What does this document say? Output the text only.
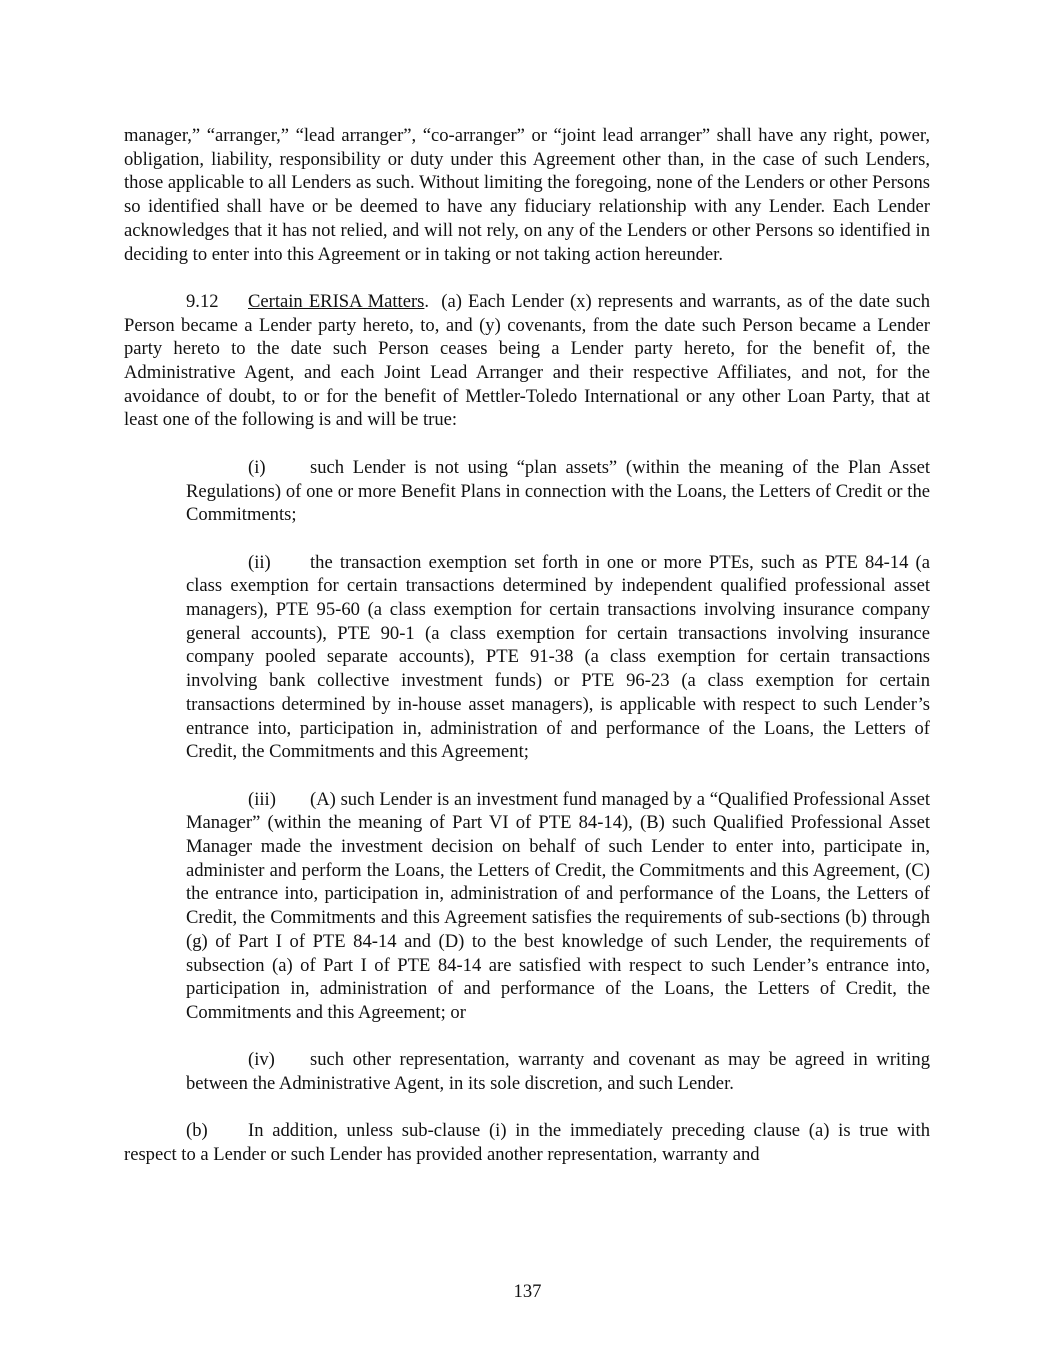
manager,” “arranger,” “lead arranger”, “co-arranger” or “joint lead arranger” shall have any right, power, obligation, liability, responsibility or duty under this Agreement other than, in the case of such Lenders, those applicable to all Lenders as such. Without limiting the foregoing, none of the Lenders or other Persons so identified shall have or be deemed to have any fiduciary relationship with any Lender. Each Lender acknowledges that it has not relied, and will not rely, on any of the Lenders or other Persons so identified in deciding to enter into this Agreement or in taking or not taking action hereunder.

9.12 Certain ERISA Matters. (a) Each Lender (x) represents and warrants, as of the date such Person became a Lender party hereto, to, and (y) covenants, from the date such Person became a Lender party hereto to the date such Person ceases being a Lender party hereto, for the benefit of, the Administrative Agent, and each Joint Lead Arranger and their respective Affiliates, and not, for the avoidance of doubt, to or for the benefit of Mettler-Toledo International or any other Loan Party, that at least one of the following is and will be true:

(i) such Lender is not using “plan assets” (within the meaning of the Plan Asset Regulations) of one or more Benefit Plans in connection with the Loans, the Letters of Credit or the Commitments;

(ii) the transaction exemption set forth in one or more PTEs, such as PTE 84-14 (a class exemption for certain transactions determined by independent qualified professional asset managers), PTE 95-60 (a class exemption for certain transactions involving insurance company general accounts), PTE 90-1 (a class exemption for certain transactions involving insurance company pooled separate accounts), PTE 91-38 (a class exemption for certain transactions involving bank collective investment funds) or PTE 96-23 (a class exemption for certain transactions determined by in-house asset managers), is applicable with respect to such Lender’s entrance into, participation in, administration of and performance of the Loans, the Letters of Credit, the Commitments and this Agreement;

(iii) (A) such Lender is an investment fund managed by a “Qualified Professional Asset Manager” (within the meaning of Part VI of PTE 84-14), (B) such Qualified Professional Asset Manager made the investment decision on behalf of such Lender to enter into, participate in, administer and perform the Loans, the Letters of Credit, the Commitments and this Agreement, (C) the entrance into, participation in, administration of and performance of the Loans, the Letters of Credit, the Commitments and this Agreement satisfies the requirements of sub-sections (b) through (g) of Part I of PTE 84-14 and (D) to the best knowledge of such Lender, the requirements of subsection (a) of Part I of PTE 84-14 are satisfied with respect to such Lender’s entrance into, participation in, administration of and performance of the Loans, the Letters of Credit, the Commitments and this Agreement; or

(iv) such other representation, warranty and covenant as may be agreed in writing between the Administrative Agent, in its sole discretion, and such Lender.

(b) In addition, unless sub-clause (i) in the immediately preceding clause (a) is true with respect to a Lender or such Lender has provided another representation, warranty and

137
